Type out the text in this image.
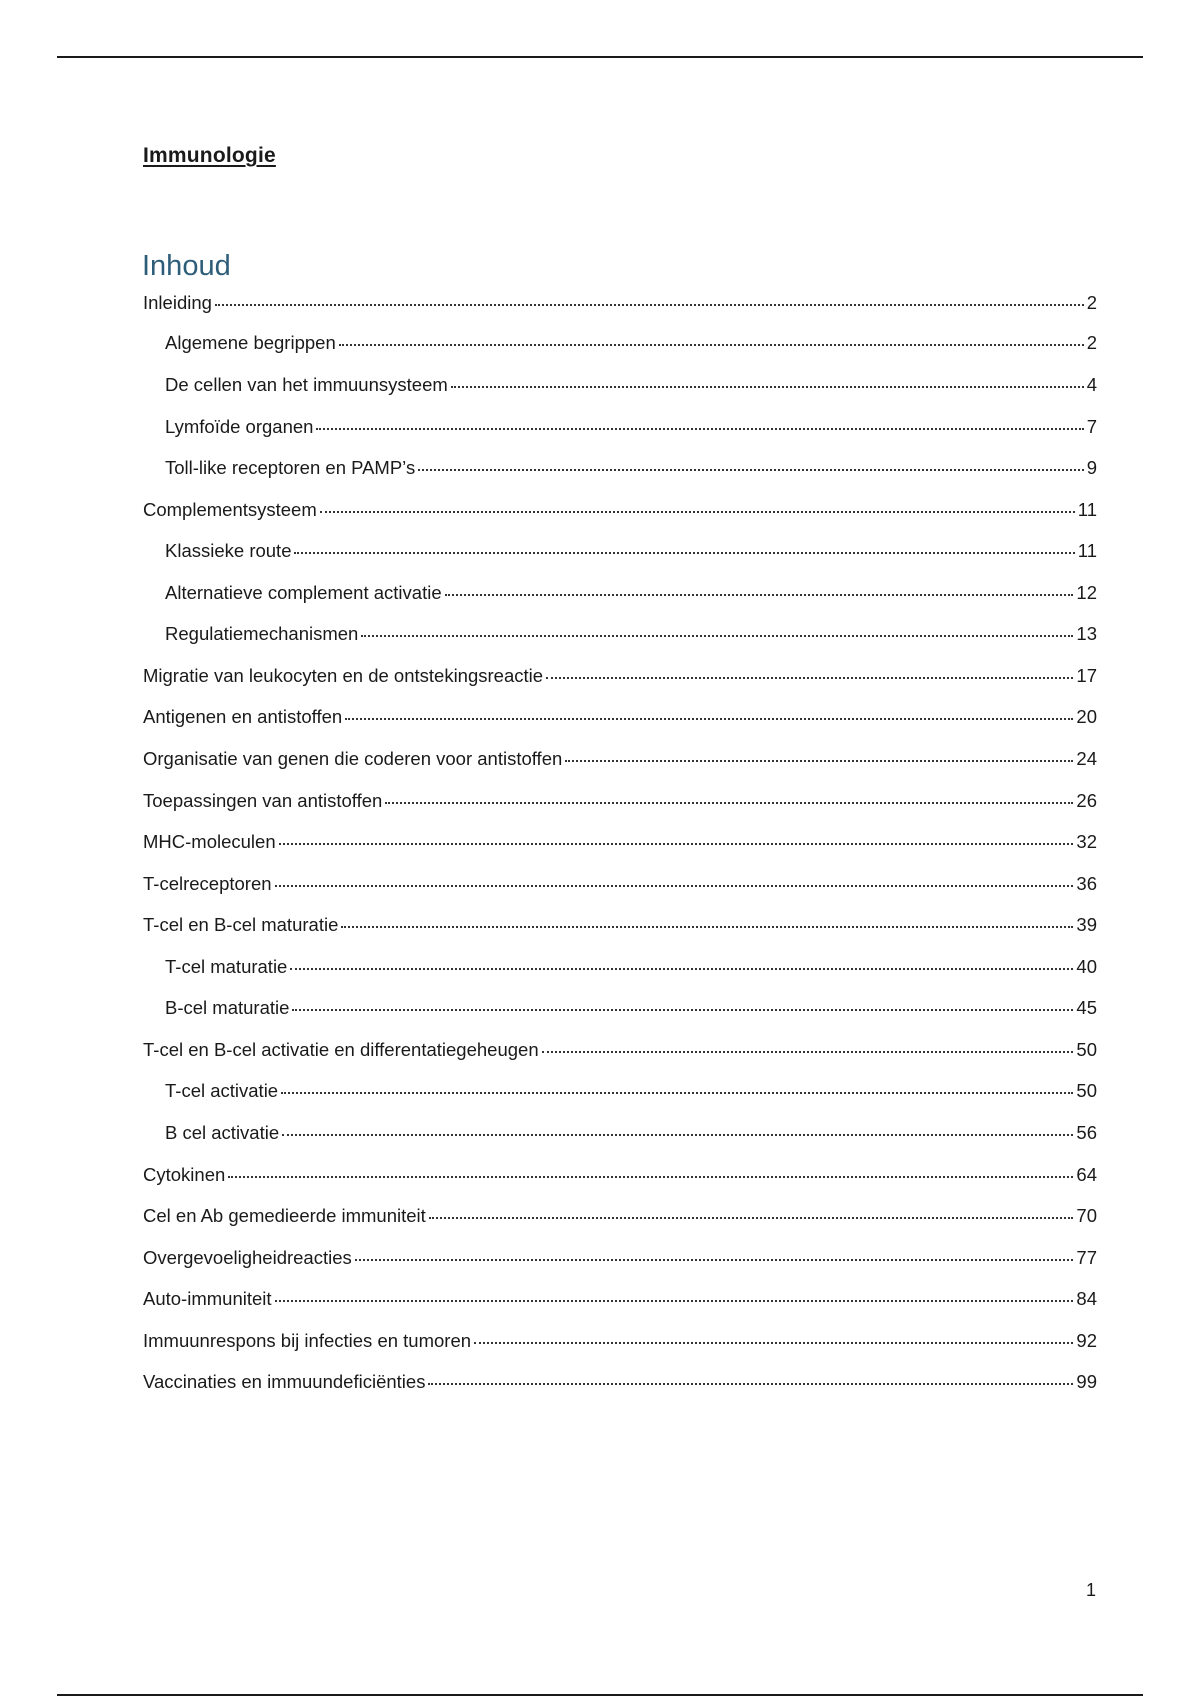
Immunologie
Inhoud
Inleiding	2
Algemene begrippen	2
De cellen van het immuunsysteem	4
Lymfoïde organen	7
Toll-like receptoren en PAMP’s	9
Complementsysteem	11
Klassieke route	11
Alternatieve complement activatie	12
Regulatiemechanismen	13
Migratie van leukocyten en de ontstekingsreactie	17
Antigenen en antistoffen	20
Organisatie van genen die coderen voor antistoffen	24
Toepassingen van antistoffen	26
MHC-moleculen	32
T-celreceptoren	36
T-cel en B-cel maturatie	39
T-cel maturatie	40
B-cel maturatie	45
T-cel en B-cel activatie en differentatiegeheugen	50
T-cel activatie	50
B cel activatie	56
Cytokinen	64
Cel en Ab gemedieerde immuniteit	70
Overgevoeligheidreacties	77
Auto-immuniteit	84
Immuunrespons bij infecties en tumoren	92
Vaccinaties en immuundeficiënties	99
1
